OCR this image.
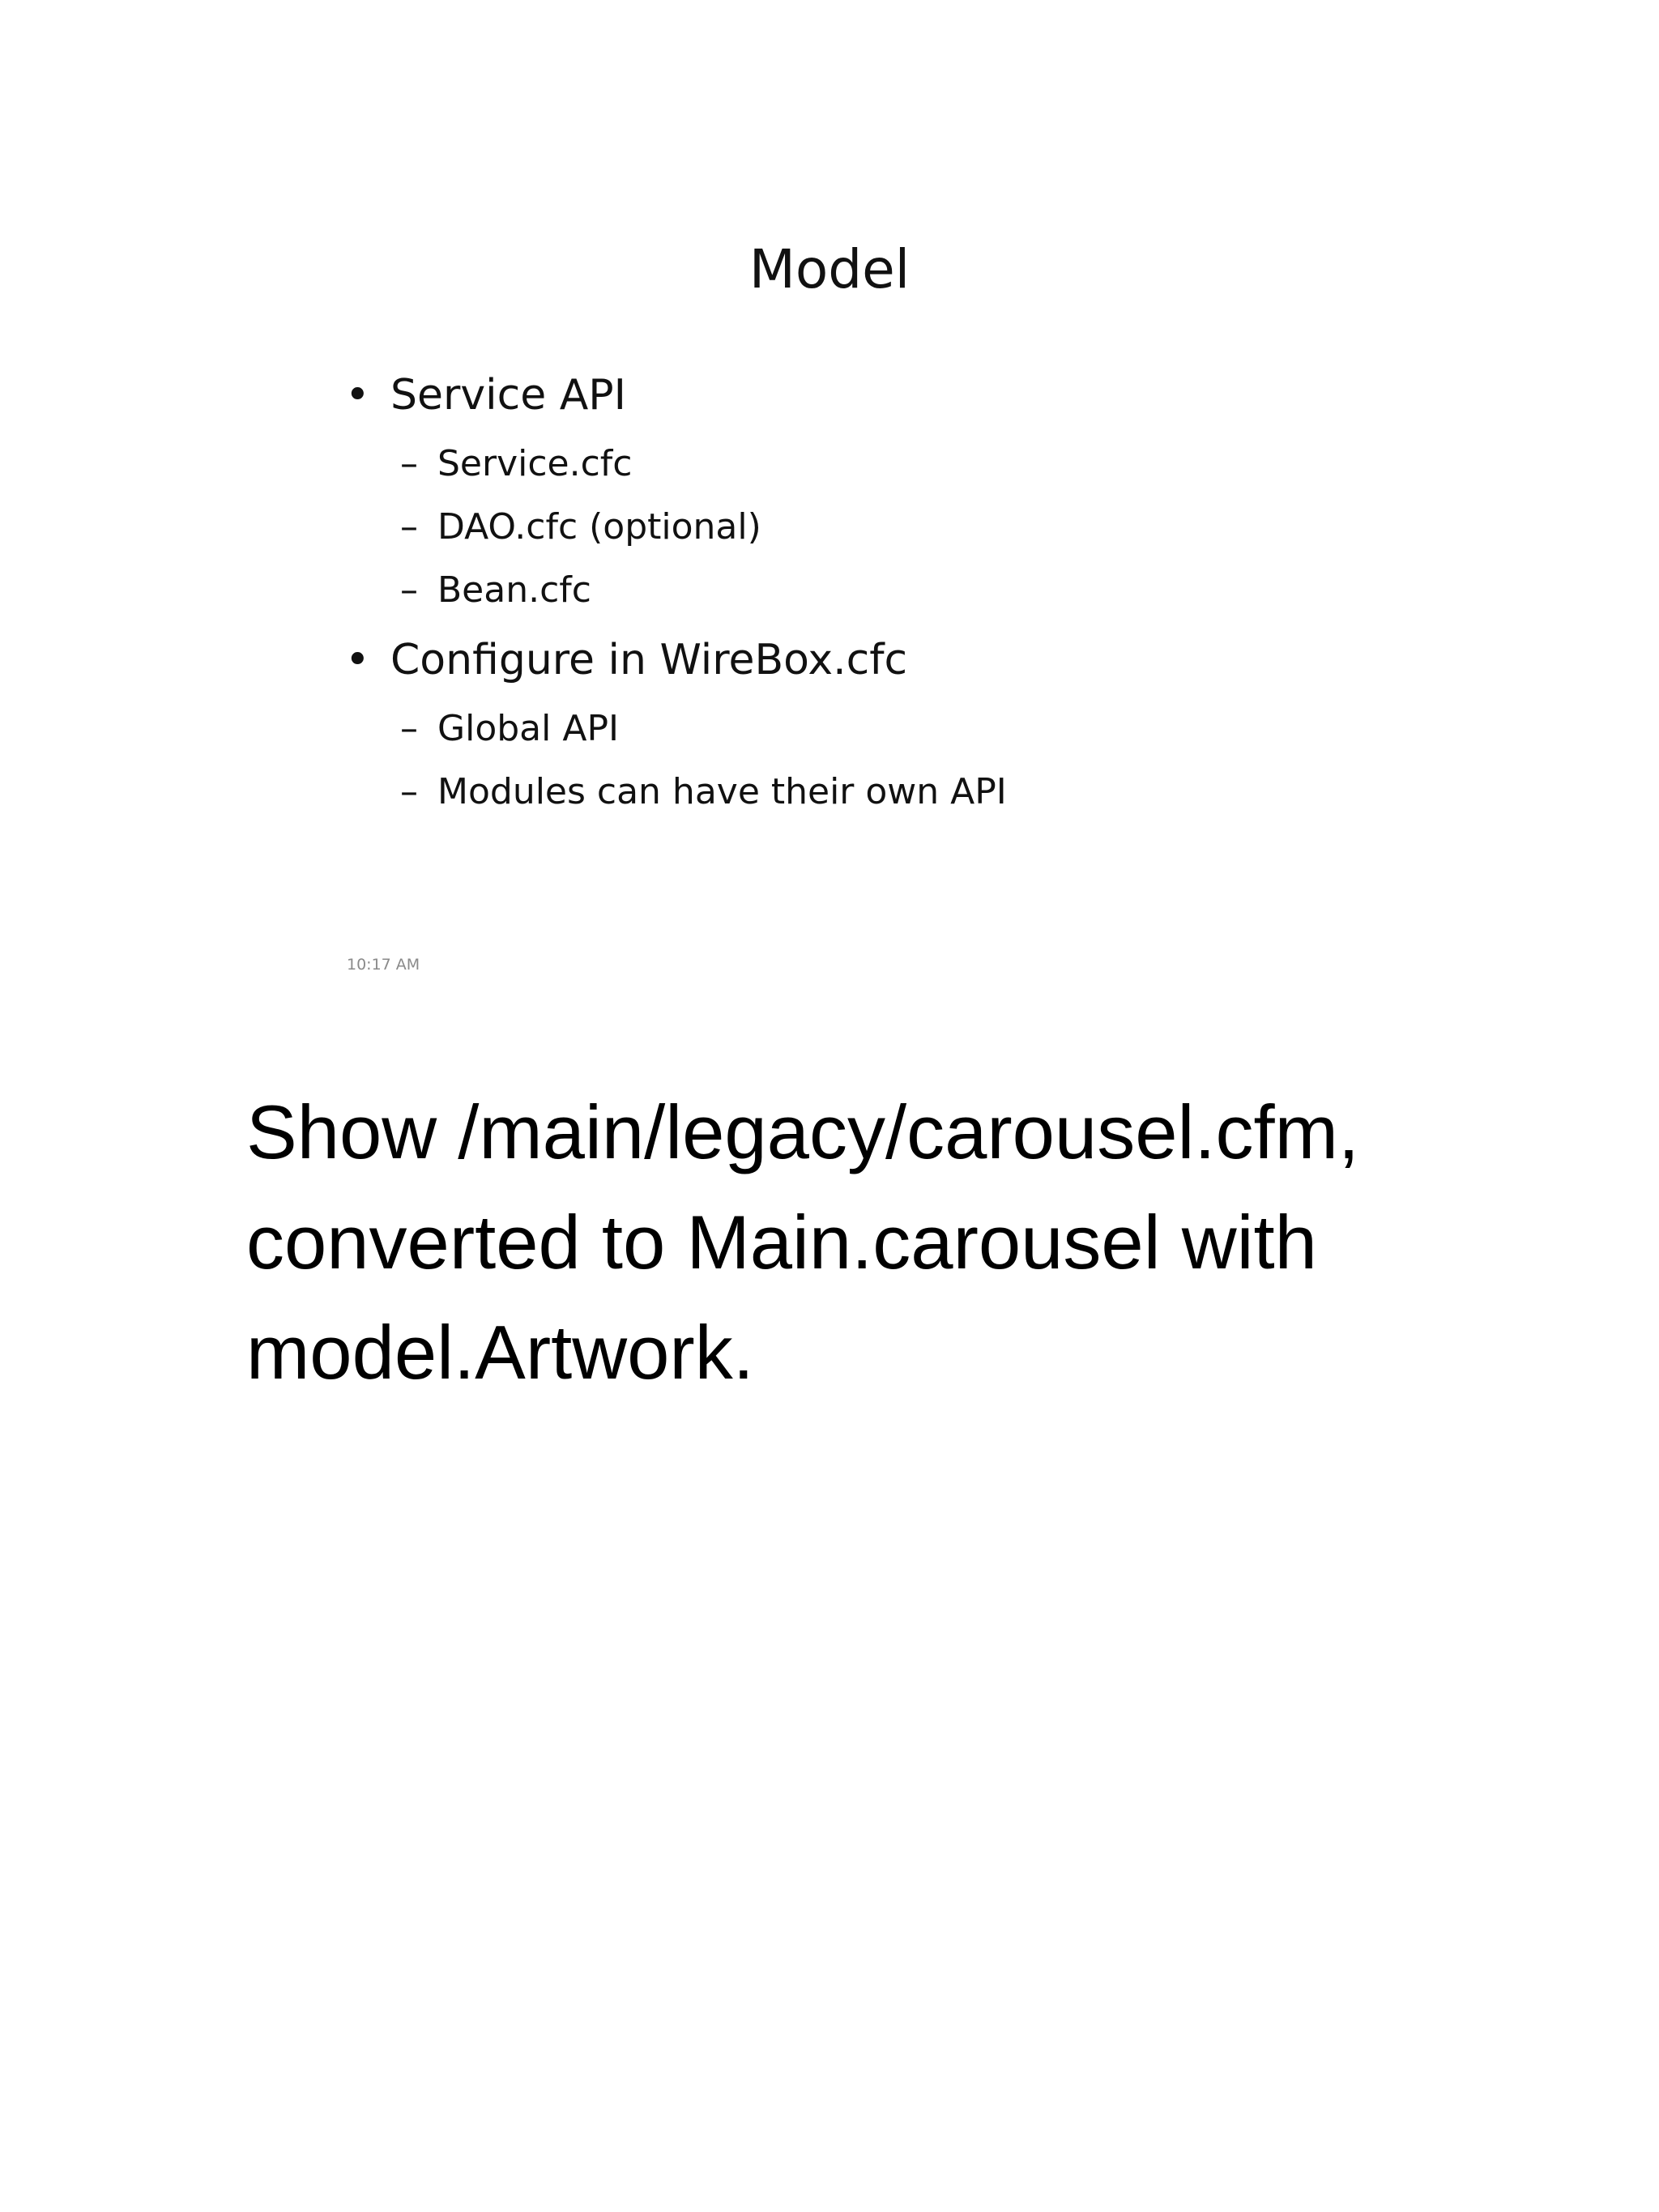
Model
• Service API
– Service.cfc
– DAO.cfc (optional)
– Bean.cfc
• Configure in WireBox.cfc
– Global API
– Modules can have their own API
10:17 AM
Show /main/legacy/carousel.cfm,
converted to Main.carousel with
model.Artwork.
